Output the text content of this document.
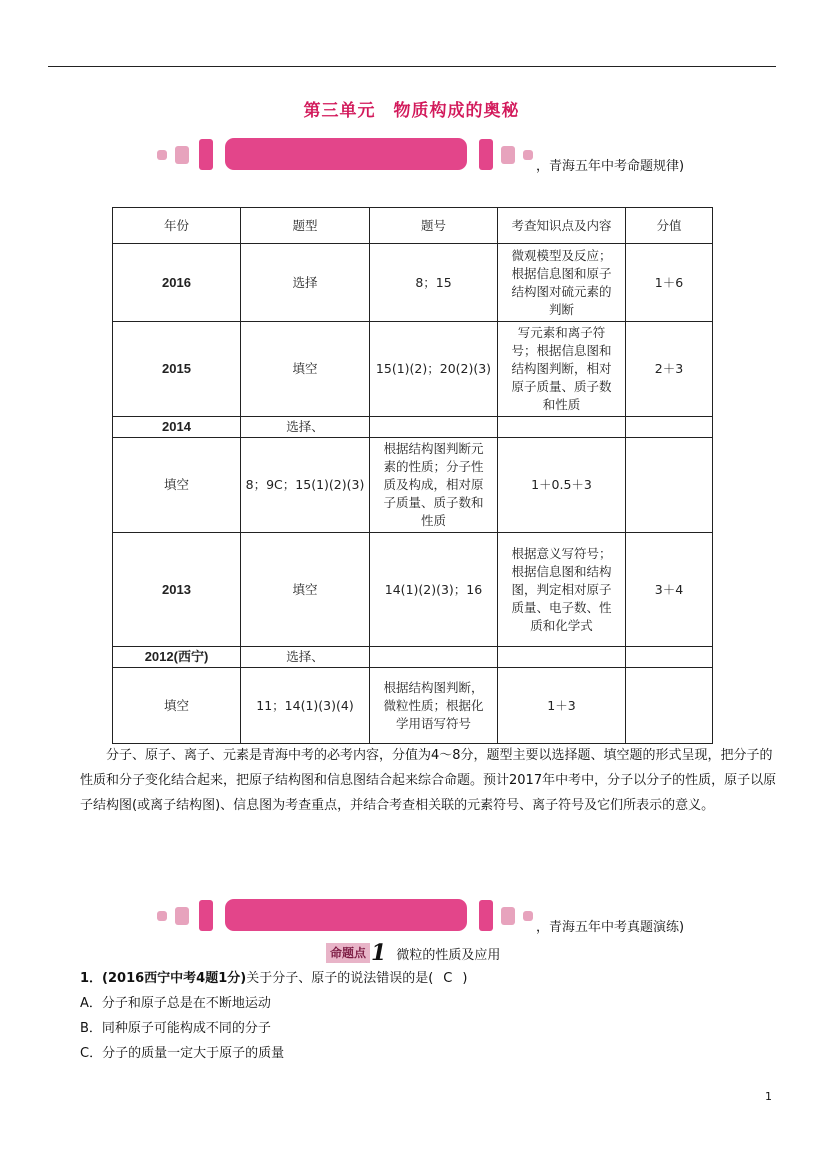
第三单元　物质构成的奥秘
，青海五年中考命题规律)
年份	题型	题号	考查知识点及内容	分值
2016	选择	8；15	微观模型及反应；根据信息图和原子结构图对硫元素的判断	1＋6
2015	填空	15(1)(2)；20(2)(3)	写元素和离子符号；根据信息图和结构图判断，相对原子质量、质子数和性质	2＋3
2014	选择、			
填空	8；9C；15(1)(2)(3)	根据结构图判断元素的性质；分子性质及构成，相对原子质量、质子数和性质	1＋0.5＋3	
2013	填空	14(1)(2)(3)；16	根据意义写符号；根据信息图和结构图，判定相对原子质量、电子数、性质和化学式	3＋4
2012(西宁)	选择、			
填空	11；14(1)(3)(4)	根据结构图判断，微粒性质；根据化学用语写符号	1＋3	

分子、原子、离子、元素是青海中考的必考内容，分值为4～8分，题型主要以选择题、填空题的形式呈现，把分子的性质和分子变化结合起来，把原子结构图和信息图结合起来综合命题。预计2017年中考中，分子以分子的性质，原子以原子结构图(或离子结构图)、信息图为考查重点，并结合考查相关联的元素符号、离子符号及它们所表示的意义。

，青海五年中考真题演练)
命题点 1 微粒的性质及应用
1．(2016西宁中考4题1分)关于分子、原子的说法错误的是( C )
A．分子和原子总是在不断地运动
B．同种原子可能构成不同的分子
C．分子的质量一定大于原子的质量
1
